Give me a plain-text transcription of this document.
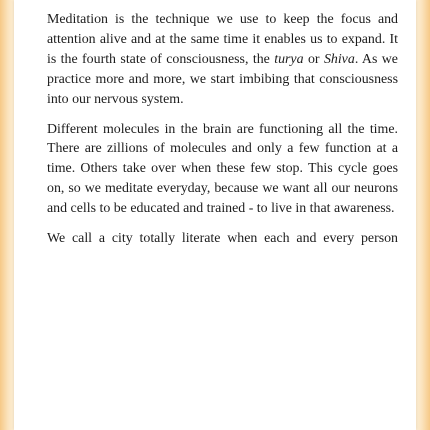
Meditation is the technique we use to keep the focus and attention alive and at the same time it enables us to expand. It is the fourth state of consciousness, the turya or Shiva. As we practice more and more, we start imbibing that consciousness into our nervous system.

Different molecules in the brain are functioning all the time. There are zillions of molecules and only a few function at a time. Others take over when these few stop. This cycle goes on, so we meditate everyday, because we want all our neurons and cells to be educated and trained - to live in that awareness.

We call a city totally literate when each and every person
